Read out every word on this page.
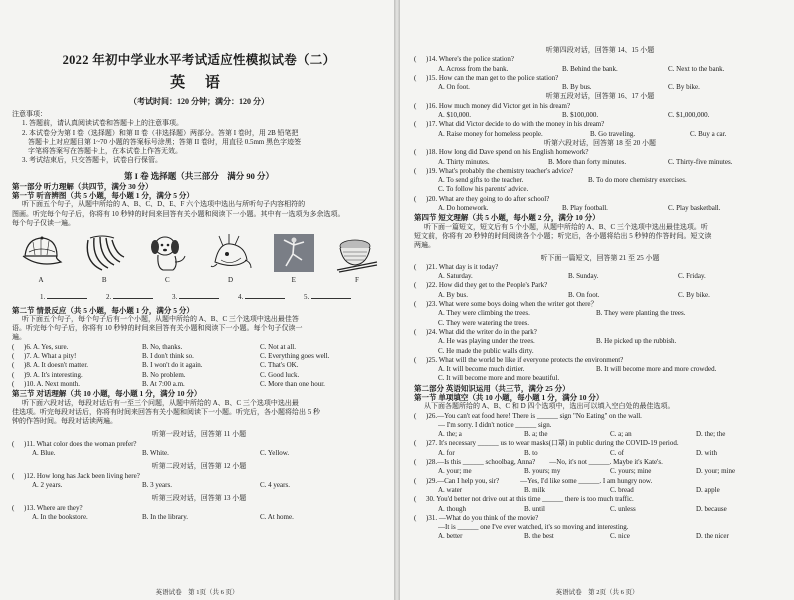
2022 年初中学业水平考试适应性模拟试卷（二）
英 语
（考试时间：120 分钟；满分：120 分）
注意事项：
1. 答题前，请认真阅读试卷和答题卡上的注意事项。
2. 本试卷分为第 I 卷（选择题）和第 II 卷（非选择题）两部分。答第 I 卷时，用 2B 铅笔把
答题卡上对应题目第 1~70 小题的答案标号涂黑；答第 II 卷时，用直径 0.5mm 黑色字迹签
字笔将答案写在答题卡上，在本试卷上作答无效。
3. 考试结束后，只交答题卡，试卷自行保管。
第 I 卷 选择题（共三部分　满分 90 分）
第一部分 听力理解（共四节，满分 30 分）
第一节 听音辨图（共 5 小题，每小题 1 分，满分 5 分）
听下面五个句子，从题中所给的 A、B、C、D、E、F 六个选项中选出与所听句子内容相符的
图画。听完每个句子后，你将有 10 秒钟的时间来回答有关小题和阅读下一小题。其中有一选项为多余选项。
每个句子仅读一遍。
A	B	C	D	E	F
1.	2.	3.	4.	5.
第二节 情景反应（共 5 小题，每小题 1 分，满分 5 分）
听下面五个句子，每个句子后有一个小题，从题中所给的 A、B、C 三个选项中选出最佳答
语。听完每个句子后，你将有 10 秒钟的时间来回答有关小题和阅读下一小题。每个句子仅读一
遍。
(	)6. A. Yes, sure.	B. No, thanks.	C. Not at all.
(	)7. A. What a pity!	B. I don't think so.	C. Everything goes well.
(	)8. A. It doesn't matter.	B. I won't do it again.	C. That's OK.
(	)9. A. It's interesting.	B. No problem.	C. Good luck.
(	)10. A. Next month.	B. At 7:00 a.m.	C. More than one hour.
第三节 对话理解（共 10 小题，每小题 1 分，满分 10 分）
听下面六段对话，每段对话后有一至三个问题，从题中所给的 A、B、C 三个选项中选出最
佳选项。听完每段对话后，你将有时间来回答有关小题和阅读下一小题。听完后，各小题将给出 5 秒
钟的作答时间。每段对话读两遍。
听第一段对话，回答第 11 小题
(	)11. What color does the woman prefer?
A. Blue.	B. White.	C. Yellow.
听第二段对话，回答第 12 小题
(	)12. How long has Jack been living here?
A. 2 years.	B. 3 years.	C. 4 years.
听第三段对话，回答第 13 小题
(	)13. Where are they?
A. In the bookstore.	B. In the library.	C. At home.
英语试卷　第 1页（共 6 页）
听第四段对话，回答第 14、15 小题
(	)14. Where's the police station?
A. Across from the bank.	B. Behind the bank.	C. Next to the bank.
(	)15. How can the man get to the police station?
A. On foot.	B. By bus.	C. By bike.
听第五段对话，回答第 16、17 小题
(	)16. How much money did Victor get in his dream?
A. $10,000.	B. $100,000.	C. $1,000,000.
(	)17. What did Victor decide to do with the money in his dream?
A. Raise money for homeless people.	B. Go traveling.	C. Buy a car.
听第六段对话，回答第 18 至 20 小题
(	)18. How long did Dave spend on his English homework?
A. Thirty minutes.	B. More than forty minutes.	C. Thirty-five minutes.
(	)19. What's probably the chemistry teacher's advice?
A. To send gifts to the teacher.	B. To do more chemistry exercises.
C. To follow his parents' advice.
(	)20. What are they going to do after school?
A. Do homework.	B. Play football.	C. Play basketball.
第四节 短文理解（共 5 小题，每小题 2 分，满分 10 分）
听下面一篇短文，短文后有 5 个小题，从题中所给的 A、B、C 三个选项中选出最佳选项。听
短文前，你将有 20 秒钟的时间阅读各个小题；听完后，各小题将给出 5 秒钟的作答时间。短文读
两遍。
听下面一篇短文，回答第 21 至 25 小题
(	)21. What day is it today?
A. Saturday.	B. Sunday.	C. Friday.
(	)22. How did they get to the People's Park?
A. By bus.	B. On foot.	C. By bike.
(	)23. What were some boys doing when the writer got there？
A. They were climbing the trees.	B. They were planting the trees.
C. They were watering the trees.
(	)24. What did the writer do in the park?
A. He was playing under the trees.	B. He picked up the rubbish.
C. He made the public walls dirty.
(	)25. What will the world be like if everyone protects the environment?
A. It will become much dirtier.	B. It will become more and more crowded.
C. It will become more and more beautiful.
第二部分 英语知识运用（共三节，满分 25 分）
第一节 单项填空（共 10 小题，每小题 1 分，满分 10 分）
从下面各题所给的 A、B、C 和 D 四个选项中，选出可以填入空白处的最佳选项。
(	)26.—You can't eat food here! There is ______ sign "No Eating" on the wall.
— I'm sorry. I didn't notice ______ sign.
A. the; a	B. a; the	C. a; an	D. the; the
(	)27. It's necessary ______ us to wear masks(口罩) in public during the COVID-19 period.
A. for	B. to	C. of	D. with
(	)28.—Is this ______ schoolbag, Anna?　　—No, it's not ______. Maybe it's Kate's.
A. your; me	B. yours; my	C. yours; mine	D. your; mine
(	)29.—Can I help you, sir?　　　—Yes, I'd like some ______. I am hungry now.
A. water	B. milk	C. bread	D. apple
(	30. You'd better not drive out at this time ______ there is too much traffic.
A. though	B. until	C. unless	D. because
(	)31. —What do you think of the movie?
—It is ______ one I've ever watched, it's so moving and interesting.
A. better	B. the best	C. nice	D. the nicer
英语试卷　第 2页（共 6 页）
